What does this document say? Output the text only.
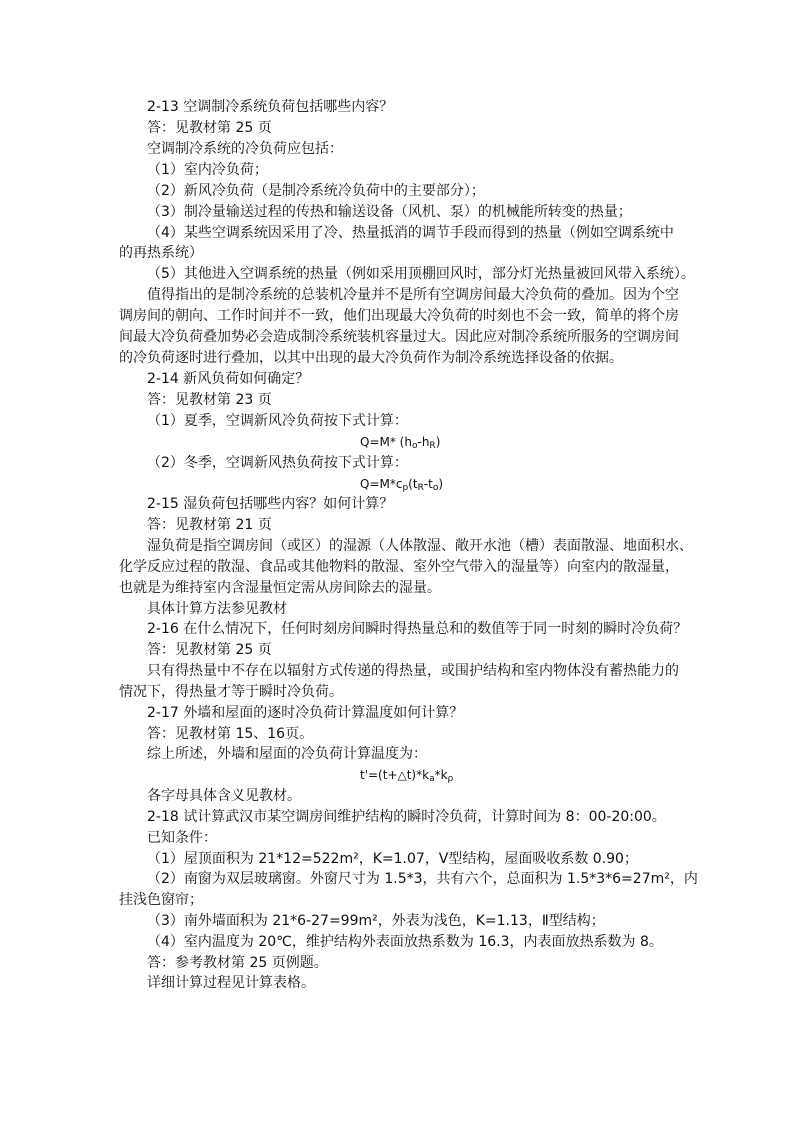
2-13 空调制冷系统负荷包括哪些内容？
答：见教材第 25 页
空调制冷系统的冷负荷应包括：
（1）室内冷负荷；
（2）新风冷负荷（是制冷系统冷负荷中的主要部分）；
（3）制冷量输送过程的传热和输送设备（风机、泵）的机械能所转变的热量；
（4）某些空调系统因采用了冷、热量抵消的调节手段而得到的热量（例如空调系统中
的再热系统）
（5）其他进入空调系统的热量（例如采用顶棚回风时，部分灯光热量被回风带入系统）。
值得指出的是制冷系统的总装机冷量并不是所有空调房间最大冷负荷的叠加。因为个空
调房间的朝向、工作时间并不一致，他们出现最大冷负荷的时刻也不会一致，简单的将个房
间最大冷负荷叠加势必会造成制冷系统装机容量过大。因此应对制冷系统所服务的空调房间
的冷负荷逐时进行叠加，以其中出现的最大冷负荷作为制冷系统选择设备的依据。
2-14 新风负荷如何确定？
答：见教材第 23 页
（1）夏季，空调新风冷负荷按下式计算：
Q=M* $(h_o-h_R)$
（2）冬季，空调新风热负荷按下式计算：
$Q=M*c_p(t_R-t_o)$
2-15 湿负荷包括哪些内容？如何计算？
答：见教材第 21 页
湿负荷是指空调房间（或区）的湿源（人体散湿、敞开水池（槽）表面散湿、地面积水、
化学反应过程的散湿、食品或其他物料的散湿、室外空气带入的湿量等）向室内的散湿量，
也就是为维持室内含湿量恒定需从房间除去的湿量。
具体计算方法参见教材
2-16 在什么情况下，任何时刻房间瞬时得热量总和的数值等于同一时刻的瞬时冷负荷？
答：见教材第 25 页
只有得热量中不存在以辐射方式传递的得热量，或围护结构和室内物体没有蓄热能力的
情况下，得热量才等于瞬时冷负荷。
2-17 外墙和屋面的逐时冷负荷计算温度如何计算？
答：见教材第 15、16页。
综上所述，外墙和屋面的冷负荷计算温度为：
$t'=(t+\triangle t)*k_a*k_\rho$
各字母具体含义见教材。
2-18 试计算武汉市某空调房间维护结构的瞬时冷负荷，计算时间为 8：00-20:00。
已知条件：
（1）屋顶面积为 21*12=522m²，K=1.07，Ⅴ型结构，屋面吸收系数 0.90；
（2）南窗为双层玻璃窗。外窗尺寸为 1.5*3，共有六个，总面积为 1.5*3*6=27m²，内
挂浅色窗帘；
（3）南外墙面积为 21*6-27=99m²，外表为浅色，K=1.13，Ⅱ型结构；
（4）室内温度为 20℃，维护结构外表面放热系数为 16.3，内表面放热系数为 8。
答：参考教材第 25 页例题。
详细计算过程见计算表格。
